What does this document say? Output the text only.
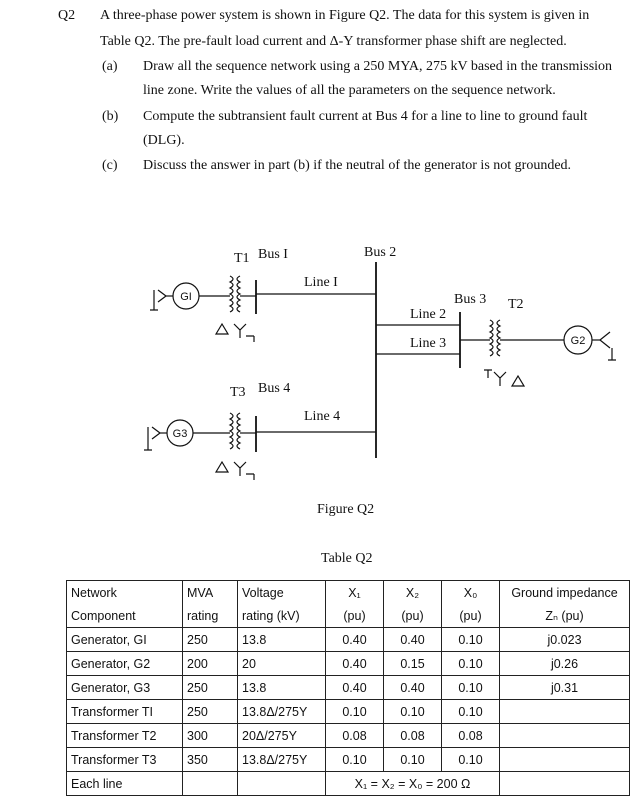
Q2 A three-phase power system is shown in Figure Q2. The data for this system is given in
Table Q2. The pre-fault load current and Δ-Y transformer phase shift are neglected.
(a) Draw all the sequence network using a 250 MYA, 275 kV based in the transmission
line zone. Write the values of all the parameters on the sequence network.
(b) Compute the subtransient fault current at Bus 4 for a line to line to ground fault
(DLG).
(c) Discuss the answer in part (b) if the neutral of the generator is not grounded.
T1 Bus I	Bus 2
Line I
Bus 3 T2
Line 2
Line 3
T3 Bus 4
Line 4
GI
G2
G3
Figure Q2
Table Q2
Network	MVA	Voltage	X₁	X₂	X₀	Ground impedance
Component	rating	rating (kV)	(pu)	(pu)	(pu)	Zₙ (pu)
Generator, GI	250	13.8	0.40	0.40	0.10	j0.023
Generator, G2	200	20	0.40	0.15	0.10	j0.26
Generator, G3	250	13.8	0.40	0.40	0.10	j0.31
Transformer TI	250	13.8Δ/275Y	0.10	0.10	0.10	
Transformer T2	300	20Δ/275Y	0.08	0.08	0.08	
Transformer T3	350	13.8Δ/275Y	0.10	0.10	0.10	
Each line			X₁ = X₂ = X₀ = 200 Ω			
